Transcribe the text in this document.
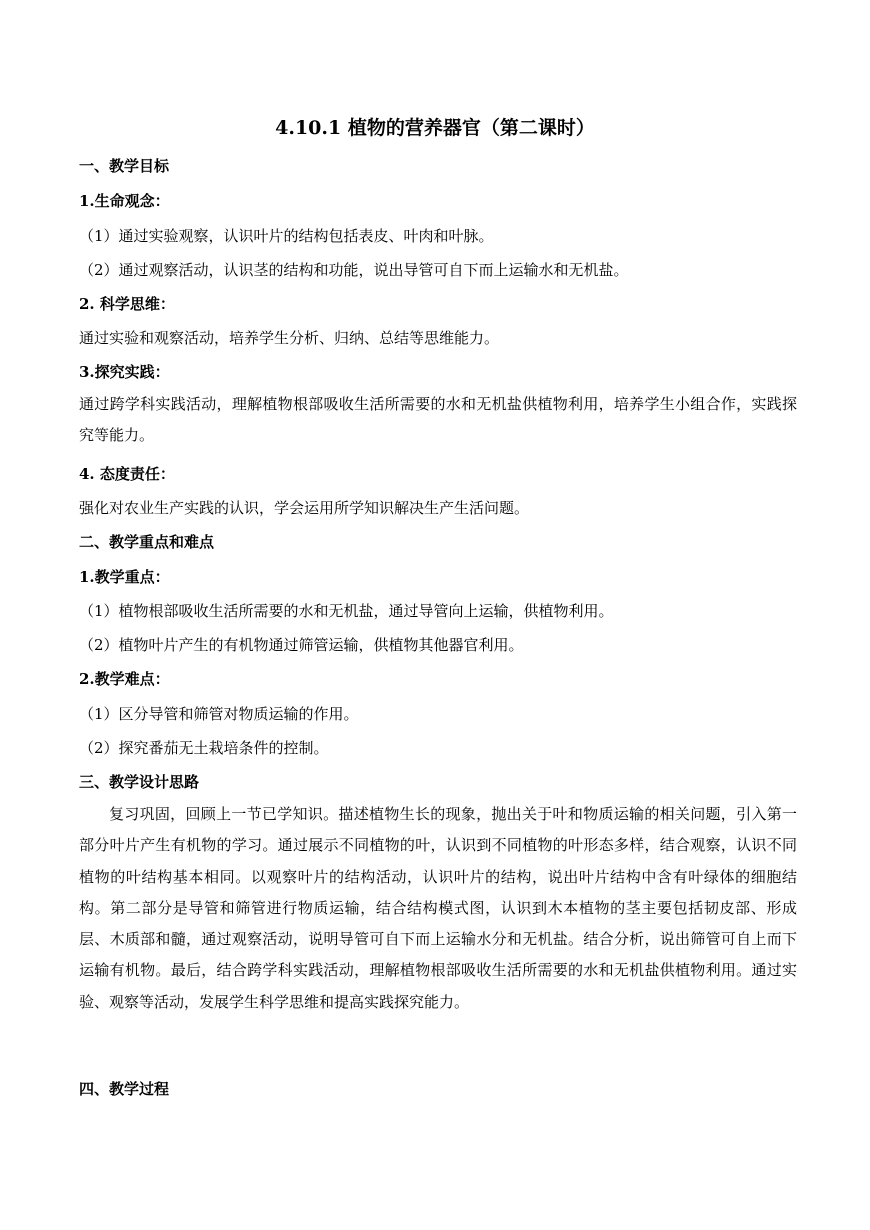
4.10.1 植物的营养器官（第二课时）
一、教学目标
1.生命观念：
（1）通过实验观察，认识叶片的结构包括表皮、叶肉和叶脉。
（2）通过观察活动，认识茎的结构和功能，说出导管可自下而上运输水和无机盐。
2. 科学思维：
通过实验和观察活动，培养学生分析、归纳、总结等思维能力。
3.探究实践：
通过跨学科实践活动，理解植物根部吸收生活所需要的水和无机盐供植物利用，培养学生小组合作，实践探究等能力。
4. 态度责任：
强化对农业生产实践的认识，学会运用所学知识解决生产生活问题。
二、教学重点和难点
1.教学重点：
（1）植物根部吸收生活所需要的水和无机盐，通过导管向上运输，供植物利用。
（2）植物叶片产生的有机物通过筛管运输，供植物其他器官利用。
2.教学难点：
（1）区分导管和筛管对物质运输的作用。
（2）探究番茄无土栽培条件的控制。
三、教学设计思路
复习巩固，回顾上一节已学知识。描述植物生长的现象，抛出关于叶和物质运输的相关问题，引入第一部分叶片产生有机物的学习。通过展示不同植物的叶，认识到不同植物的叶形态多样，结合观察，认识不同植物的叶结构基本相同。以观察叶片的结构活动，认识叶片的结构，说出叶片结构中含有叶绿体的细胞结构。第二部分是导管和筛管进行物质运输，结合结构模式图，认识到木本植物的茎主要包括韧皮部、形成层、木质部和髓，通过观察活动，说明导管可自下而上运输水分和无机盐。结合分析，说出筛管可自上而下运输有机物。最后，结合跨学科实践活动，理解植物根部吸收生活所需要的水和无机盐供植物利用。通过实验、观察等活动，发展学生科学思维和提高实践探究能力。
四、教学过程
